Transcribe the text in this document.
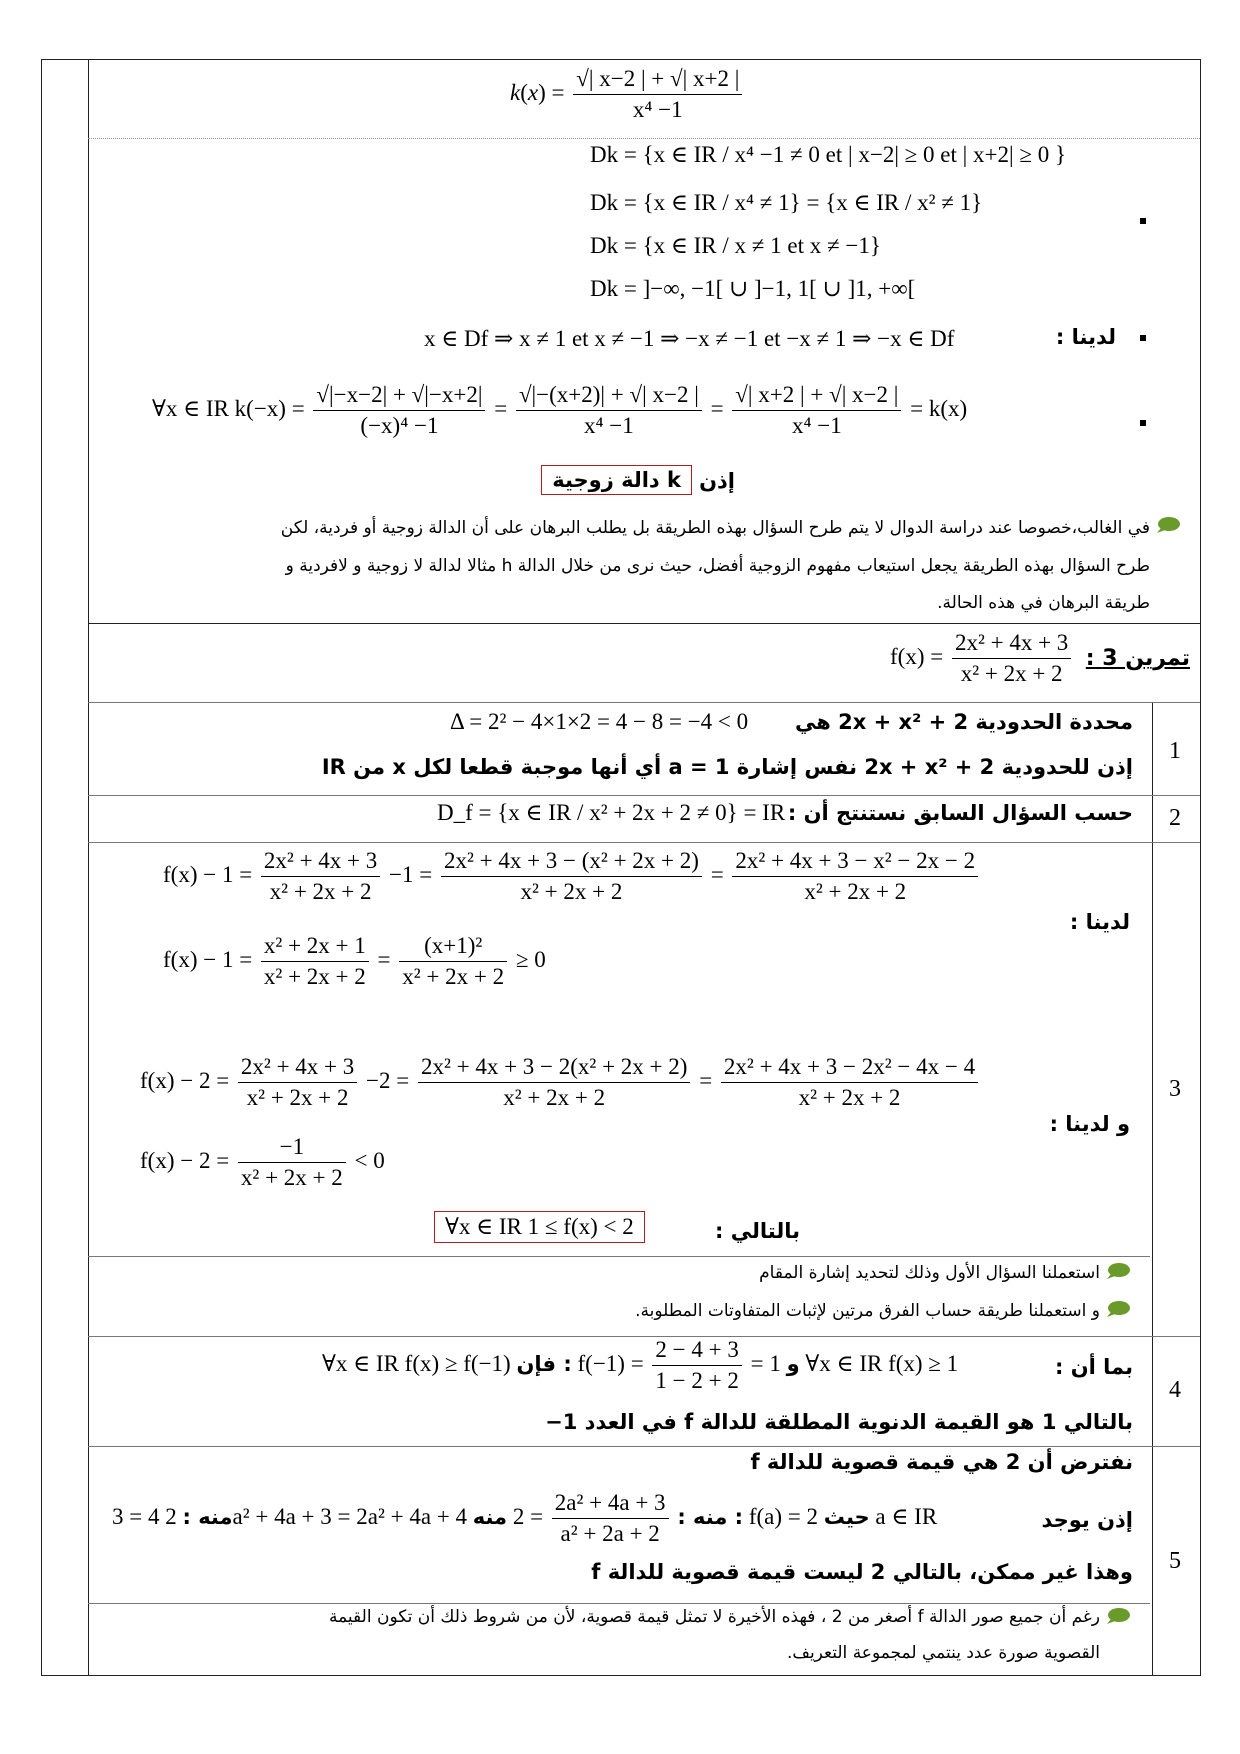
$k(x) = \frac{√| x-2 | + √| x+2 |}{\text{x⁴ −1}}$
Dk = {x ∈ IR / x⁴ −1 ≠ 0 et | x−2| ≥ 0 et | x+2| ≥ 0 }
Dk = {x ∈ IR / x⁴ ≠ 1} = {x ∈ IR / x² ≠ 1}
Dk = {x ∈ IR / x ≠ 1 et x ≠ −1}
Dk = ]−∞, −1[ ∪ ]−1, 1[ ∪ ]1, +∞[
لدينا :
x ∈ Df ⇒ x ≠ 1 et x ≠ −1 ⇒ −x ≠ −1 et −x ≠ 1 ⇒ −x ∈ Df
∀x ∈ IR $k(-x) = \frac{√|-x-2| + √|-x+2|}{\text{(−x)⁴ −1}} = \frac{√|-(x+2)| + √| x-2 |}{\text{x⁴ −1}} = \frac{√| x+2 | + √| x-2 |}{\text{x⁴ −1}} = k(x)$
إذن
k دالة زوجية
في الغالب،خصوصا عند دراسة الدوال لا يتم طرح السؤال بهذه الطريقة بل يطلب البرهان على أن الدالة زوجية أو فردية، لكن
طرح السؤال بهذه الطريقة يجعل استيعاب مفهوم الزوجية أفضل، حيث نرى من خلال الدالة h مثالا لدالة لا زوجية و لافردية و
طريقة البرهان في هذه الحالة.
تمرين 3 :
$f(x) = \frac{\text{2x² + 4x + 3}}{\text{x² + 2x + 2}}$
1
2
3
4
5
محددة الحدودية 2 + 2x + x² هي
Δ = 2² − 4×1×2 = 4 − 8 = −4 < 0
إذن للحدودية 2 + 2x + x² نفس إشارة 1 = a أي أنها موجبة قطعا لكل x من IR
حسب السؤال السابق نستنتج أن :
D_f = {x ∈ IR / x² + 2x + 2 ≠ 0} = IR
لدينا :
$f(x) - 1 = \frac{\text{2x² + 4x + 3}}{\text{x² + 2x + 2}} -1 = \frac{\text{2x² + 4x + 3 − (x² + 2x + 2)}}{\text{x² + 2x + 2}} = \frac{\text{2x² + 4x + 3 − x² − 2x − 2}}{\text{x² + 2x + 2}}$
$f(x) - 1 = \frac{\text{x² + 2x + 1}}{\text{x² + 2x + 2}} = \frac{\text{(x+1)²}}{\text{x² + 2x + 2}} \ge 0$
و لدينا :
$f(x) - 2 = \frac{\text{2x² + 4x + 3}}{\text{x² + 2x + 2}} -2 = \frac{\text{2x² + 4x + 3 − 2(x² + 2x + 2)}}{\text{x² + 2x + 2}} = \frac{\text{2x² + 4x + 3 − 2x² − 4x − 4}}{\text{x² + 2x + 2}}$
$f(x) - 2 = \frac{-1}{\text{x² + 2x + 2}} < 0$
بالتالي :
∀x ∈ IR 1 ≤ f(x) < 2
استعملنا السؤال الأول وذلك لتحديد إشارة المقام
و استعملنا طريقة حساب الفرق مرتين لإثبات المتفاوتات المطلوبة.
بما أن :
∀x ∈ IR f(x) ≥ f(−1) فإن : $f(-1) = \frac{2 - 4 + 3}{1 - 2 + 2} = 1$ و ∀x ∈ IR f(x) ≥ 1
بالتالي 1 هو القيمة الدنوية المطلقة للدالة f في العدد 1−
نفترض أن 2 هي قيمة قصوية للدالة f
إذن يوجد
3 = 4 منه : 2a² + 4a + 3 = 2a² + 4a + 4	منه :
$\frac{\text{2a² + 4a + 3}}{\text{a² + 2a + 2}}$
= 2 منه : f(a) = 2 حيث a ∈ IR
وهذا غير ممكن، بالتالي 2 ليست قيمة قصوية للدالة f
رغم أن جميع صور الدالة f أصغر من 2 ، فهذه الأخيرة لا تمثل قيمة قصوية، لأن من شروط ذلك أن تكون القيمة
القصوية صورة عدد ينتمي لمجموعة التعريف.
